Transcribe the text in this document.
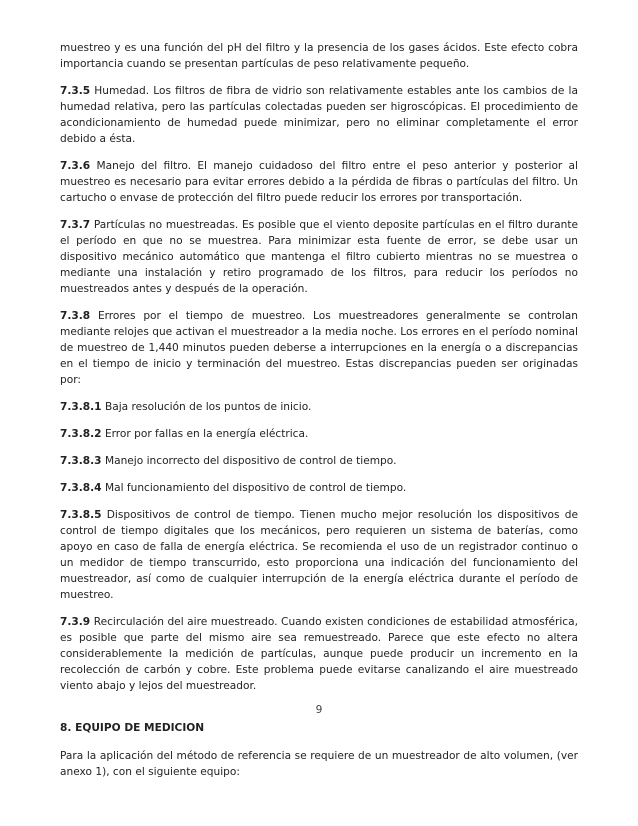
muestreo y es una función del pH del filtro y la presencia de los gases ácidos. Este efecto cobra importancia cuando se presentan partículas de peso relativamente pequeño.

7.3.5 Humedad. Los filtros de fibra de vidrio son relativamente estables ante los cambios de la humedad relativa, pero las partículas colectadas pueden ser higroscópicas. El procedimiento de acondicionamiento de humedad puede minimizar, pero no eliminar completamente el error debido a ésta.

7.3.6 Manejo del filtro. El manejo cuidadoso del filtro entre el peso anterior y posterior al muestreo es necesario para evitar errores debido a la pérdida de fibras o partículas del filtro. Un cartucho o envase de protección del filtro puede reducir los errores por transportación.

7.3.7 Partículas no muestreadas. Es posible que el viento deposite partículas en el filtro durante el período en que no se muestrea. Para minimizar esta fuente de error, se debe usar un dispositivo mecánico automático que mantenga el filtro cubierto mientras no se muestrea o mediante una instalación y retiro programado de los filtros, para reducir los períodos no muestreados antes y después de la operación.

7.3.8 Errores por el tiempo de muestreo. Los muestreadores generalmente se controlan mediante relojes que activan el muestreador a la media noche. Los errores en el período nominal de muestreo de 1,440 minutos pueden deberse a interrupciones en la energía o a discrepancias en el tiempo de inicio y terminación del muestreo. Estas discrepancias pueden ser originadas por:

7.3.8.1 Baja resolución de los puntos de inicio.

7.3.8.2 Error por fallas en la energía eléctrica.

7.3.8.3 Manejo incorrecto del dispositivo de control de tiempo.

7.3.8.4 Mal funcionamiento del dispositivo de control de tiempo.

7.3.8.5 Dispositivos de control de tiempo. Tienen mucho mejor resolución los dispositivos de control de tiempo digitales que los mecánicos, pero requieren un sistema de baterías, como apoyo en caso de falla de energía eléctrica. Se recomienda el uso de un registrador continuo o un medidor de tiempo transcurrido, esto proporciona una indicación del funcionamiento del muestreador, así como de cualquier interrupción de la energía eléctrica durante el período de muestreo.

7.3.9 Recirculación del aire muestreado. Cuando existen condiciones de estabilidad atmosférica, es posible que parte del mismo aire sea remuestreado. Parece que este efecto no altera considerablemente la medición de partículas, aunque puede producir un incremento en la recolección de carbón y cobre. Este problema puede evitarse canalizando el aire muestreado viento abajo y lejos del muestreador.

8. EQUIPO DE MEDICION

Para la aplicación del método de referencia se requiere de un muestreador de alto volumen, (ver anexo 1), con el siguiente equipo:

9
